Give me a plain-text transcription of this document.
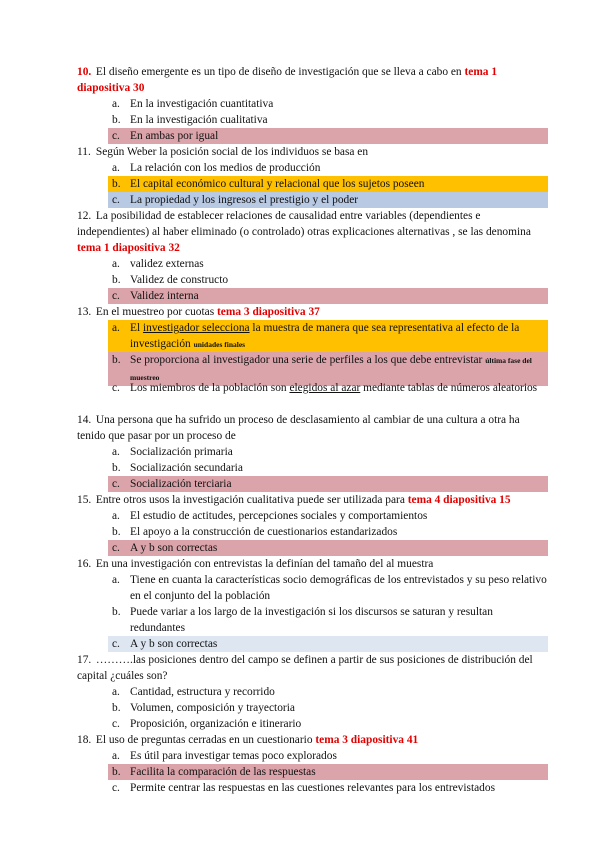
10. El diseño emergente es un tipo de diseño de investigación que se lleva a cabo en tema 1 diapositiva 30
a. En la investigación cuantitativa
b. En la investigación cualitativa
c. En ambas por igual
11. Según Weber la posición social de los individuos se basa en
a. La relación con los medios de producción
b. El capital económico cultural y relacional que los sujetos poseen
c. La propiedad y los ingresos el prestigio y el poder
12. La posibilidad de establecer relaciones de causalidad entre variables (dependientes e independientes) al haber eliminado (o controlado) otras explicaciones alternativas , se las denomina tema 1 diapositiva 32
a. validez externas
b. Validez de constructo
c. Validez interna
13. En el muestreo por cuotas tema 3 diapositiva 37
a. El investigador selecciona la muestra de manera que sea representativa al efecto de la investigación unidades finales
b. Se proporciona al investigador una serie de perfiles a los que debe entrevistar última fase del muestreo
c. Los miembros de la población son elegidos al azar mediante tablas de números aleatorios
14. Una persona que ha sufrido un proceso de desclasamiento al cambiar de una cultura a otra ha tenido que pasar por un proceso de
a. Socialización primaria
b. Socialización secundaria
c. Socialización terciaria
15. Entre otros usos la investigación cualitativa puede ser utilizada para tema 4 diapositiva 15
a. El estudio de actitudes, percepciones sociales y comportamientos
b. El apoyo a la construcción de cuestionarios estandarizados
c. A y b son correctas
16. En una investigación con entrevistas la definían del tamaño del al muestra
a. Tiene en cuanta la características socio demográficas de los entrevistados y su peso relativo en el conjunto del la población
b. Puede variar a los largo de la investigación si los discursos se saturan y resultan redundantes
c. A y b son correctas
17. ……….las posiciones dentro del campo se definen a partir de sus posiciones de distribución del capital ¿cuáles son?
a. Cantidad, estructura y recorrido
b. Volumen, composición y trayectoria
c. Proposición, organización e itinerario
18. El uso de preguntas cerradas en un cuestionario tema 3 diapositiva 41
a. Es útil para investigar temas poco explorados
b. Facilita la comparación de las respuestas
c. Permite centrar las respuestas en las cuestiones relevantes para los entrevistados
